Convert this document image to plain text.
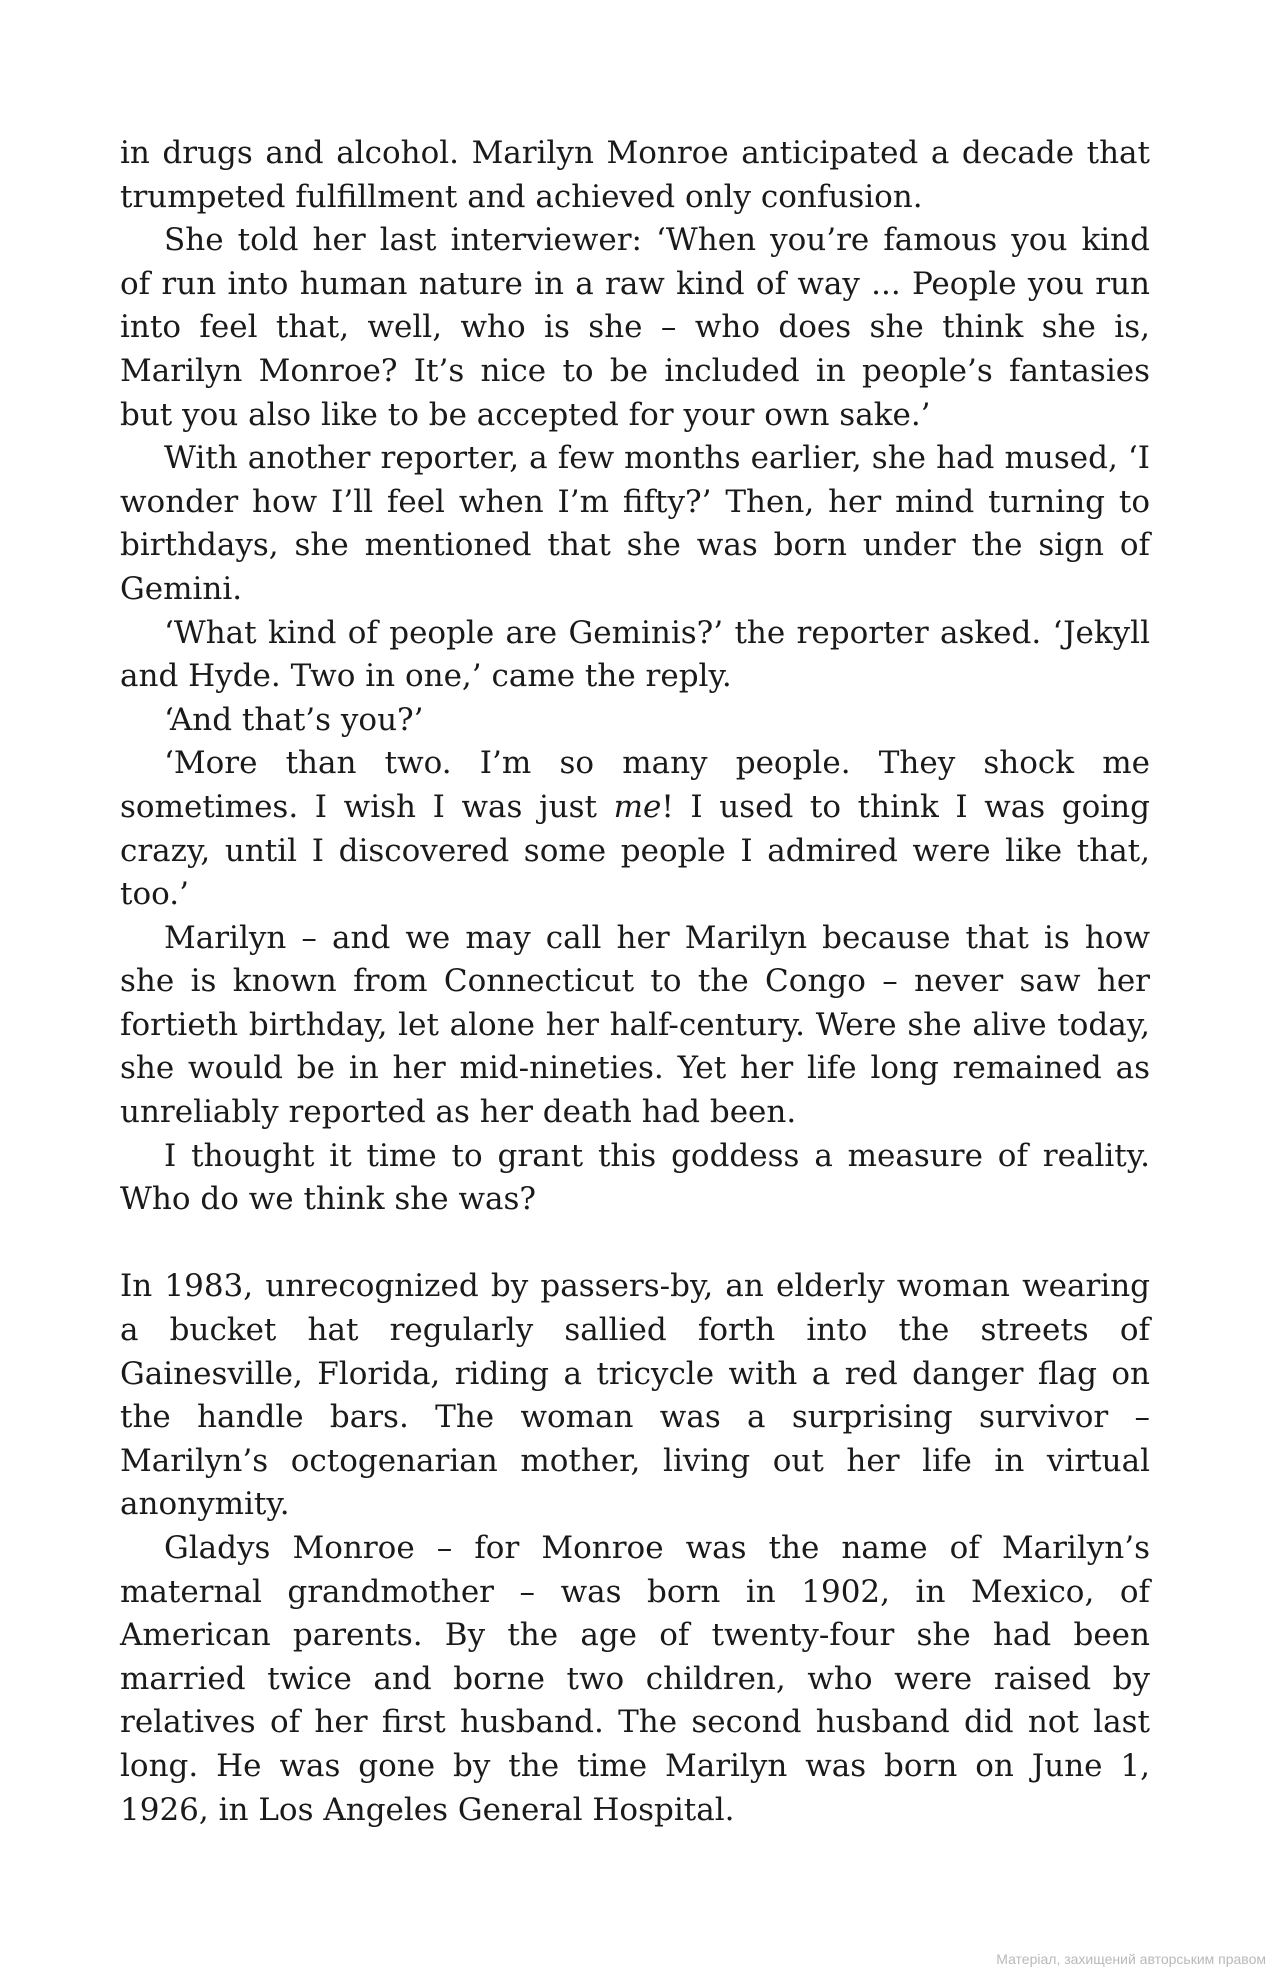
in drugs and alcohol. Marilyn Monroe anticipated a decade that trumpeted fulfillment and achieved only confusion.

She told her last interviewer: ‘When you’re famous you kind of run into human nature in a raw kind of way ... People you run into feel that, well, who is she – who does she think she is, Marilyn Monroe? It’s nice to be included in people’s fantasies but you also like to be accepted for your own sake.’

With another reporter, a few months earlier, she had mused, ‘I wonder how I’ll feel when I’m fifty?’ Then, her mind turning to birthdays, she mentioned that she was born under the sign of Gemini.

‘What kind of people are Geminis?’ the reporter asked. ‘Jekyll and Hyde. Two in one,’ came the reply.

‘And that’s you?’

‘More than two. I’m so many people. They shock me sometimes. I wish I was just me! I used to think I was going crazy, until I discovered some people I admired were like that, too.’

Marilyn – and we may call her Marilyn because that is how she is known from Connecticut to the Congo – never saw her fortieth birthday, let alone her half-century. Were she alive today, she would be in her mid-nineties. Yet her life long remained as unreliably reported as her death had been.

I thought it time to grant this goddess a measure of reality. Who do we think she was?

In 1983, unrecognized by passers-by, an elderly woman wearing a bucket hat regularly sallied forth into the streets of Gainesville, Florida, riding a tricycle with a red danger flag on the handle bars. The woman was a surprising survivor – Marilyn’s octogenarian mother, living out her life in virtual anonymity.

Gladys Monroe – for Monroe was the name of Marilyn’s maternal grandmother – was born in 1902, in Mexico, of American parents. By the age of twenty-four she had been married twice and borne two children, who were raised by relatives of her first husband. The second husband did not last long. He was gone by the time Marilyn was born on June 1, 1926, in Los Angeles General Hospital.

Матеріал, захищений авторським правом
